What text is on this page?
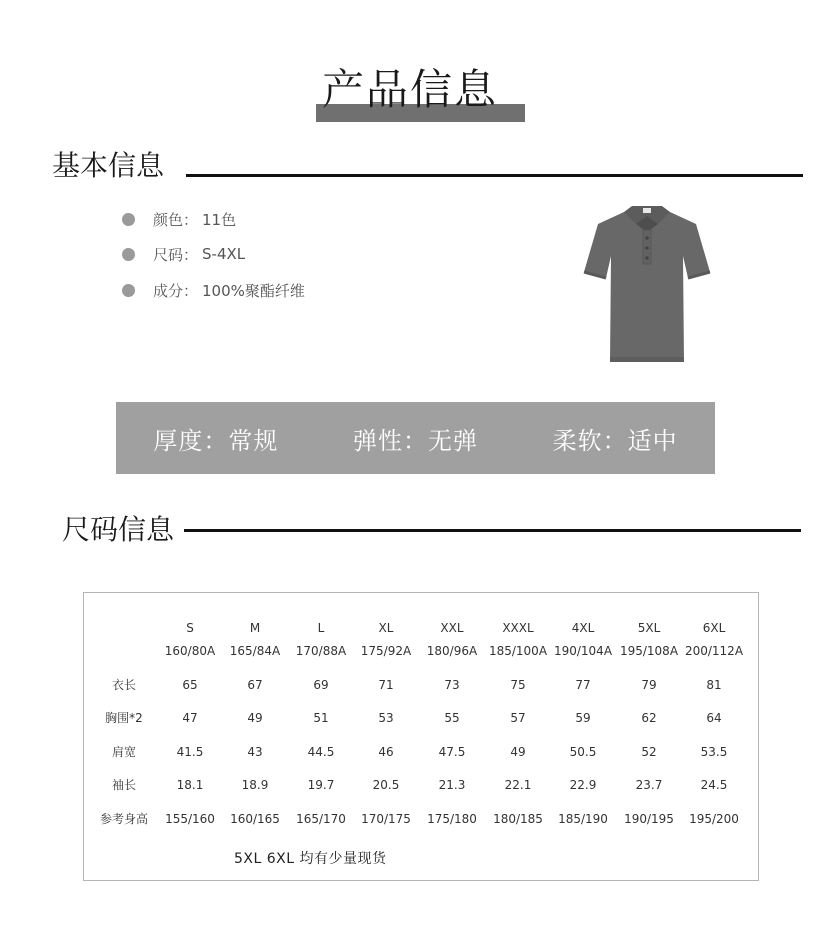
产品信息
基本信息
颜色： 11色
尺码： S-4XL
成分： 100%聚酯纤维
厚度：常规	弹性：无弹	柔软：适中
尺码信息
S	M	L	XL	XXL	XXXL	4XL	5XL	6XL
160/80A	165/84A	170/88A	175/92A	180/96A 185/100A 190/104A 195/108A 200/112A
衣长	65	67	69	71	73	75	77	79	81
胸围*2	47	49	51	53	55	57	59	62	64
肩宽	41.5	43	44.5	46	47.5	49	50.5	52	53.5
袖长	18.1	18.9	19.7	20.5	21.3	22.1	22.9	23.7	24.5
参考身高	155/160	160/165	165/170	170/175	175/180	180/185	185/190	190/195	195/200
5XL 6XL 均有少量现货
